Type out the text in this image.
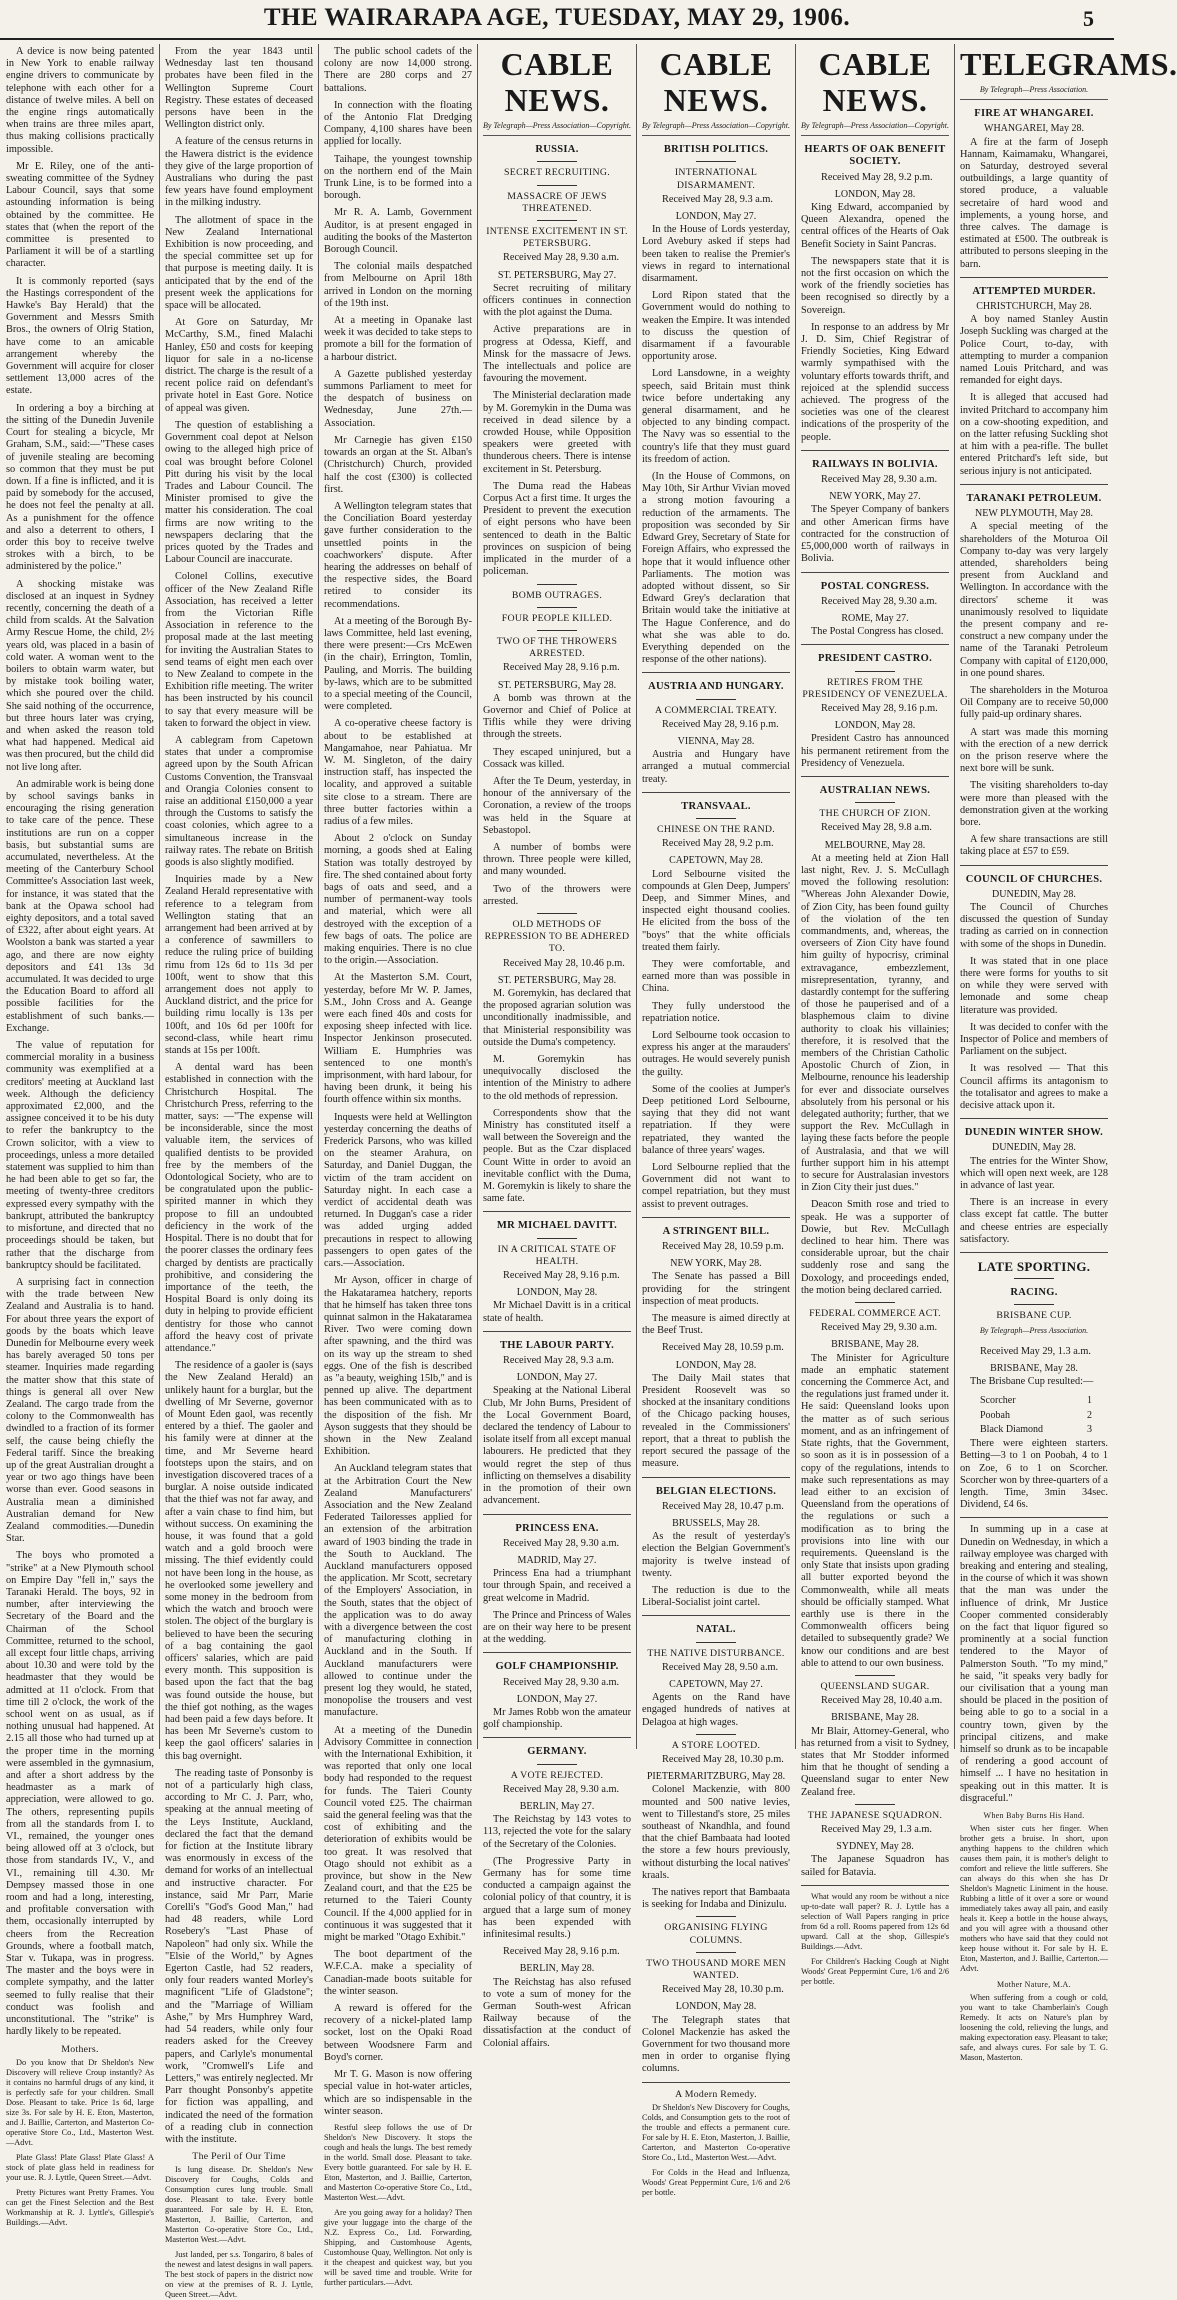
THE WAIRARAPA AGE, TUESDAY, MAY 29, 1906.	5

A device is now being patented in New York to enable railway engine drivers to communicate by telephone with each other for a distance of twelve miles. A bell on the engine rings automatically when trains are three miles apart, thus making collisions practically impossible.

Mr E. Riley, one of the anti-sweating committee of the Sydney Labour Council, says that some astounding information is being obtained by the committee. He states that (when the report of the committee is presented to Parliament it will be of a startling character.

It is commonly reported (says the Hastings correspondent of the Hawke's Bay Herald) that the Government and Messrs Smith Bros., the owners of Olrig Station, have come to an amicable arrangement whereby the Government will acquire for closer settlement 13,000 acres of the estate.

In ordering a boy a birching at the sitting of the Dunedin Juvenile Court for stealing a bicycle, Mr Graham, S.M., said:—"These cases of juvenile stealing are becoming so common that they must be put down. If a fine is inflicted, and it is paid by somebody for the accused, he does not feel the penalty at all. As a punishment for the offence and also a deterrent to others, I order this boy to receive twelve strokes with a birch, to be administered by the police."

A shocking mistake was disclosed at an inquest in Sydney recently, concerning the death of a child from scalds. At the Salvation Army Rescue Home, the child, 2½ years old, was placed in a basin of cold water. A woman went to the boilers to obtain warm water, but by mistake took boiling water, which she poured over the child. She said nothing of the occurrence, but three hours later was crying, and when asked the reason told what had happened. Medical aid was then procured, but the child did not live long after.

An admirable work is being done by school savings banks in encouraging the rising generation to take care of the pence. These institutions are run on a copper basis, but substantial sums are accumulated, nevertheless. At the meeting of the Canterbury School Committee's Association last week, for instance, it was stated that the bank at the Opawa school had eighty depositors, and a total saved of £322, after about eight years. At Woolston a bank was started a year ago, and there are now eighty depositors and £41 13s 3d accumulated. It was decided to urge the Education Board to afford all possible facilities for the establishment of such banks.—Exchange.

The value of reputation for commercial morality in a business community was exemplified at a creditors' meeting at Auckland last week. Although the deficiency approximated £2,000, and the assignee conceived it to be his duty to refer the bankruptcy to the Crown solicitor, with a view to proceedings, unless a more detailed statement was supplied to him than he had been able to get so far, the meeting of twenty-three creditors expressed every sympathy with the bankrupt, attributed the bankruptcy to misfortune, and directed that no proceedings should be taken, but rather that the discharge from bankruptcy should be facilitated.

A surprising fact in connection with the trade between New Zealand and Australia is to hand. For about three years the export of goods by the boats which leave Dunedin for Melbourne every week has barely averaged 50 tons per steamer. Inquiries made regarding the matter show that this state of things is general all over New Zealand. The cargo trade from the colony to the Commonwealth has dwindled to a fraction of its former self, the cause being chiefly the Federal tariff. Since the breaking up of the great Australian drought a year or two ago things have been worse than ever. Good seasons in Australia mean a diminished Australian demand for New Zealand commodities.—Dunedin Star.

The boys who promoted a "strike" at a New Plymouth school on Empire Day "fell in," says the Taranaki Herald. The boys, 92 in number, after interviewing the Secretary of the Board and the Chairman of the School Committee, returned to the school, all except four little chaps, arriving about 10.30 and were told by the headmaster that they would be admitted at 11 o'clock. From that time till 2 o'clock, the work of the school went on as usual, as if nothing unusual had happened. At 2.15 all those who had turned up at the proper time in the morning were assembled in the gymnasium, and after a short address by the headmaster as a mark of appreciation, were allowed to go. The others, representing pupils from all the standards from I. to VI., remained, the younger ones being allowed off at 3 o'clock, but those from standards IV., V., and VI., remaining till 4.30. Mr Dempsey massed those in one room and had a long, interesting, and profitable conversation with them, occasionally interrupted by cheers from the Recreation Grounds, where a football match, Star v. Tukapa, was in progress. The master and the boys were in complete sympathy, and the latter seemed to fully realise that their conduct was foolish and unconstitutional. The "strike" is hardly likely to be repeated.

Mothers.

Do you know that Dr Sheldon's New Discovery will relieve Croup instantly? As it contains no harmful drugs of any kind, it is perfectly safe for your children. Small Dose. Pleasant to take. Price 1s 6d, large size 3s. For sale by H. E. Eton, Masterton, and J. Baillie, Carterton, and Masterton Co-operative Store Co., Ltd., Masterton West.—Advt.

Plate Glass! Plate Glass! Plate Glass! A stock of plate glass held in readiness for your use. R. J. Lyttle, Queen Street.—Advt.

Pretty Pictures want Pretty Frames. You can get the Finest Selection and the Best Workmanship at R. J. Lyttle's, Gillespie's Buildings.—Advt.

From the year 1843 until Wednesday last ten thousand probates have been filed in the Wellington Supreme Court Registry. These estates of deceased persons have been in the Wellington district only.

A feature of the census returns in the Hawera district is the evidence they give of the large proportion of Australians who during the past few years have found employment in the milking industry.

The allotment of space in the New Zealand International Exhibition is now proceeding, and the special committee set up for that purpose is meeting daily. It is anticipated that by the end of the present week the applications for space will be allocated.

At Gore on Saturday, Mr McCarthy, S.M., fined Malachi Hanley, £50 and costs for keeping liquor for sale in a no-license district. The charge is the result of a recent police raid on defendant's private hotel in East Gore. Notice of appeal was given.

The question of establishing a Government coal depot at Nelson owing to the alleged high price of coal was brought before Colonel Pitt during his visit by the local Trades and Labour Council. The Minister promised to give the matter his consideration. The coal firms are now writing to the newspapers declaring that the prices quoted by the Trades and Labour Council are inaccurate.

Colonel Collins, executive officer of the New Zealand Rifle Association, has received a letter from the Victorian Rifle Association in reference to the proposal made at the last meeting for inviting the Australian States to send teams of eight men each over to New Zealand to compete in the Exhibition rifle meeting. The writer has been instructed by his council to say that every measure will be taken to forward the object in view.

A cablegram from Capetown states that under a compromise agreed upon by the South African Customs Convention, the Transvaal and Orangia Colonies consent to raise an additional £150,000 a year through the Customs to satisfy the coast colonies, which agree to a simultaneous increase in the railway rates. The rebate on British goods is also slightly modified.

Inquiries made by a New Zealand Herald representative with reference to a telegram from Wellington stating that an arrangement had been arrived at by a conference of sawmillers to reduce the ruling price of building rimu from 12s 6d to 11s 3d per 100ft, went to show that this arrangement does not apply to Auckland district, and the price for building rimu locally is 13s per 100ft, and 10s 6d per 100ft for second-class, while heart rimu stands at 15s per 100ft.

A dental ward has been established in connection with the Christchurch Hospital. The Christchurch Press, referring to the matter, says: —"The expense will be inconsiderable, since the most valuable item, the services of qualified dentists to be provided free by the members of the Odontological Society, who are to be congratulated upon the public-spirited manner in which they propose to fill an undoubted deficiency in the work of the Hospital. There is no doubt that for the poorer classes the ordinary fees charged by dentists are practically prohibitive, and considering the importance of the teeth, the Hospital Board is only doing its duty in helping to provide efficient dentistry for those who cannot afford the heavy cost of private attendance."

The residence of a gaoler is (says the New Zealand Herald) an unlikely haunt for a burglar, but the dwelling of Mr Severne, governor of Mount Eden gaol, was recently entered by a thief. The gaoler and his family were at dinner at the time, and Mr Severne heard footsteps upon the stairs, and on investigation discovered traces of a burglar. A noise outside indicated that the thief was not far away, and after a vain chase to find him, but without success. On examining the house, it was found that a gold watch and a gold brooch were missing. The thief evidently could not have been long in the house, as he overlooked some jewellery and some money in the bedroom from which the watch and brooch were stolen. The object of the burglary is believed to have been the securing of a bag containing the gaol officers' salaries, which are paid every month. This supposition is based upon the fact that the bag was found outside the house, but the thief got nothing, as the wages had been paid a few days before. It has been Mr Severne's custom to keep the gaol officers' salaries in this bag overnight.

The reading taste of Ponsonby is not of a particularly high class, according to Mr C. J. Parr, who, speaking at the annual meeting of the Leys Institute, Auckland, declared the fact that the demand for fiction at the Institute library was enormously in excess of the demand for works of an intellectual and instructive character. For instance, said Mr Parr, Marie Corelli's "God's Good Man," had had 48 readers, while Lord Rosebery's "Last Phase of Napoleon" had only six. While the "Elsie of the World," by Agnes Egerton Castle, had 52 readers, only four readers wanted Morley's magnificent "Life of Gladstone"; and the "Marriage of William Ashe," by Mrs Humphrey Ward, had 54 readers, while only four readers asked for the Creevey papers, and Carlyle's monumental work, "Cromwell's Life and Letters," was entirely neglected. Mr Parr thought Ponsonby's appetite for fiction was appalling, and indicated the need of the formation of a reading club in connection with the institute.

The Peril of Our Time

Is lung disease. Dr. Sheldon's New Discovery for Coughs, Colds and Consumption cures lung trouble. Small dose. Pleasant to take. Every bottle guaranteed. For sale by H. E. Eton, Masterton, J. Baillie, Carterton, and Masterton Co-operative Store Co., Ltd., Masterton West.—Advt.

Just landed, per s.s. Tongariro, 8 bales of the newest and latest designs in wall papers. The best stock of papers in the district now on view at the premises of R. J. Lyttle, Queen Street.—Advt.

The public school cadets of the colony are now 14,000 strong. There are 280 corps and 27 battalions.

In connection with the floating of the Antonio Flat Dredging Company, 4,100 shares have been applied for locally.

Taihape, the youngest township on the northern end of the Main Trunk Line, is to be formed into a borough.

Mr R. A. Lamb, Government Auditor, is at present engaged in auditing the books of the Masterton Borough Council.

The colonial mails despatched from Melbourne on April 18th arrived in London on the morning of the 19th inst.

At a meeting in Opanake last week it was decided to take steps to promote a bill for the formation of a harbour district.

A Gazette published yesterday summons Parliament to meet for the despatch of business on Wednesday, June 27th.—Association.

Mr Carnegie has given £150 towards an organ at the St. Alban's (Christchurch) Church, provided half the cost (£300) is collected first.

A Wellington telegram states that the Conciliation Board yesterday gave further consideration to the unsettled points in the coachworkers' dispute. After hearing the addresses on behalf of the respective sides, the Board retired to consider its recommendations.

At a meeting of the Borough By-laws Committee, held last evening, there were present:—Crs McEwen (in the chair), Errington, Tomlin, Pauling, and Morris. The building by-laws, which are to be submitted to a special meeting of the Council, were completed.

A co-operative cheese factory is about to be established at Mangamahoe, near Pahiatua. Mr W. M. Singleton, of the dairy instruction staff, has inspected the locality, and approved a suitable site close to a stream. There are three butter factories within a radius of a few miles.

About 2 o'clock on Sunday morning, a goods shed at Ealing Station was totally destroyed by fire. The shed contained about forty bags of oats and seed, and a number of permanent-way tools and material, which were all destroyed with the exception of a few bags of oats. The police are making enquiries. There is no clue to the origin.—Association.

At the Masterton S.M. Court, yesterday, before Mr W. P. James, S.M., John Cross and A. Geange were each fined 40s and costs for exposing sheep infected with lice. Inspector Jenkinson prosecuted. William E. Humphries was sentenced to one month's imprisonment, with hard labour, for having been drunk, it being his fourth offence within six months.

Inquests were held at Wellington yesterday concerning the deaths of Frederick Parsons, who was killed on the steamer Arahura, on Saturday, and Daniel Duggan, the victim of the tram accident on Saturday night. In each case a verdict of accidental death was returned. In Duggan's case a rider was added urging added precautions in respect to allowing passengers to open gates of the cars.—Association.

Mr Ayson, officer in charge of the Hakataramea hatchery, reports that he himself has taken three tons quinnat salmon in the Hakataramea River. Two were coming down after spawning, and the third was on its way up the stream to shed eggs. One of the fish is described as "a beauty, weighing 15lb," and is penned up alive. The department has been communicated with as to the disposition of the fish. Mr Ayson suggests that they should be shown in the New Zealand Exhibition.

An Auckland telegram states that at the Arbitration Court the New Zealand Manufacturers' Association and the New Zealand Federated Tailoresses applied for an extension of the arbitration award of 1903 binding the trade in the South to Auckland. The Auckland manufacturers opposed the application. Mr Scott, secretary of the Employers' Association, in the South, states that the object of the application was to do away with a divergence between the cost of manufacturing clothing in Auckland and in the South. If Auckland manufacturers were allowed to continue under the present log they would, he stated, monopolise the trousers and vest manufacture.

At a meeting of the Dunedin Advisory Committee in connection with the International Exhibition, it was reported that only one local body had responded to the request for funds. The Taieri County Council voted £25. The chairman said the general feeling was that the cost of exhibiting and the deterioration of exhibits would be too great. It was resolved that Otago should not exhibit as a province, but show in the New Zealand court, and that the £25 be returned to the Taieri County Council. If the 4,000 applied for in continuous it was suggested that it might be marked "Otago Exhibit."

The boot department of the W.F.C.A. make a speciality of Canadian-made boots suitable for the winter season.

A reward is offered for the recovery of a nickel-plated lamp socket, lost on the Opaki Road between Woodsnere Farm and Boyd's corner.

Mr T. G. Mason is now offering special value in hot-water articles, which are so indispensable in the winter season.

Restful sleep follows the use of Dr Sheldon's New Discovery. It stops the cough and heals the lungs. The best remedy in the world. Small dose. Pleasant to take. Every bottle guaranteed. For sale by H. E. Eton, Masterton, and J. Baillie, Carterton, and Masterton Co-operative Store Co., Ltd., Masterton West.—Advt.

Are you going away for a holiday? Then give your luggage into the charge of the N.Z. Express Co., Ltd. Forwarding, Shipping, and Customhouse Agents, Customhouse Quay, Wellington. Not only is it the cheapest and quickest way, but you will be saved time and trouble. Write for further particulars.—Advt.

CABLE NEWS.
By Telegraph—Press Association—Copyright.
RUSSIA.
SECRET RECRUITING.
MASSACRE OF JEWS THREATENED.
INTENSE EXCITEMENT IN ST. PETERSBURG.

Received May 28, 9.30 a.m.

ST. PETERSBURG, May 27.

Secret recruiting of military officers continues in connection with the plot against the Duma.

Active preparations are in progress at Odessa, Kieff, and Minsk for the massacre of Jews. The intellectuals and police are favouring the movement.

The Ministerial declaration made by M. Goremykin in the Duma was received in dead silence by a crowded House, while Opposition speakers were greeted with thunderous cheers. There is intense excitement in St. Petersburg.

The Duma read the Habeas Corpus Act a first time. It urges the President to prevent the execution of eight persons who have been sentenced to death in the Baltic provinces on suspicion of being implicated in the murder of a policeman.

BOMB OUTRAGES.
FOUR PEOPLE KILLED.
TWO OF THE THROWERS ARRESTED.

Received May 28, 9.16 p.m.

ST. PETERSBURG, May 28.

A bomb was thrown at the Governor and Chief of Police at Tiflis while they were driving through the streets.

They escaped uninjured, but a Cossack was killed.

After the Te Deum, yesterday, in honour of the anniversary of the Coronation, a review of the troops was held in the Square at Sebastopol.

A number of bombs were thrown. Three people were killed, and many wounded.

Two of the throwers were arrested.

OLD METHODS OF REPRESSION TO BE ADHERED TO.

Received May 28, 10.46 p.m.

ST. PETERSBURG, May 28.

M. Goremykin, has declared that the proposed agrarian solution was unconditionally inadmissible, and that Ministerial responsibility was outside the Duma's competency.

M. Goremykin has unequivocally disclosed the intention of the Ministry to adhere to the old methods of repression.

Correspondents show that the Ministry has constituted itself a wall between the Sovereign and the people. But as the Czar displaced Count Witte in order to avoid an inevitable conflict with the Duma, M. Goremykin is likely to share the same fate.

MR MICHAEL DAVITT.
IN A CRITICAL STATE OF HEALTH.

Received May 28, 9.16 p.m.

LONDON, May 28.

Mr Michael Davitt is in a critical state of health.

THE LABOUR PARTY.

Received May 28, 9.3 a.m.

LONDON, May 27.

Speaking at the National Liberal Club, Mr John Burns, President of the Local Government Board, declared the tendency of Labour to isolate itself from all except manual labourers. He predicted that they would regret the step of thus inflicting on themselves a disability in the promotion of their own advancement.

PRINCESS ENA.

Received May 28, 9.30 a.m.

MADRID, May 27.

Princess Ena had a triumphant tour through Spain, and received a great welcome in Madrid.

The Prince and Princess of Wales are on their way here to be present at the wedding.

GOLF CHAMPIONSHIP.

Received May 28, 9.30 a.m.

LONDON, May 27.

Mr James Robb won the amateur golf championship.

GERMANY.
A VOTE REJECTED.

Received May 28, 9.30 a.m.

BERLIN, May 27.

The Reichstag by 143 votes to 113, rejected the vote for the salary of the Secretary of the Colonies.

(The Progressive Party in Germany has for some time conducted a campaign against the colonial policy of that country, it is argued that a large sum of money has been expended with infinitesimal results.)

Received May 28, 9.16 p.m.

BERLIN, May 28.

The Reichstag has also refused to vote a sum of money for the German South-west African Railway because of the dissatisfaction at the conduct of Colonial affairs.

CABLE NEWS.
By Telegraph—Press Association—Copyright.
BRITISH POLITICS.
INTERNATIONAL DISARMAMENT.

Received May 28, 9.3 a.m.

LONDON, May 27.

In the House of Lords yesterday, Lord Avebury asked if steps had been taken to realise the Premier's views in regard to international disarmament.

Lord Ripon stated that the Government would do nothing to weaken the Empire. It was intended to discuss the question of disarmament if a favourable opportunity arose.

Lord Lansdowne, in a weighty speech, said Britain must think twice before undertaking any general disarmament, and he objected to any binding compact. The Navy was so essential to the country's life that they must guard its freedom of action.

(In the House of Commons, on May 10th, Sir Arthur Vivian moved a strong motion favouring a reduction of the armaments. The proposition was seconded by Sir Edward Grey, Secretary of State for Foreign Affairs, who expressed the hope that it would influence other Parliaments. The motion was adopted without dissent, so Sir Edward Grey's declaration that Britain would take the initiative at The Hague Conference, and do what she was able to do. Everything depended on the response of the other nations).

AUSTRIA AND HUNGARY.
A COMMERCIAL TREATY.

Received May 28, 9.16 p.m.

VIENNA, May 28.

Austria and Hungary have arranged a mutual commercial treaty.

TRANSVAAL.
CHINESE ON THE RAND.

Received May 28, 9.2 p.m.

CAPETOWN, May 28.

Lord Selbourne visited the compounds at Glen Deep, Jumpers' Deep, and Simmer Mines, and inspected eight thousand coolies. He elicited from the boss of the "boys" that the white officials treated them fairly.

They were comfortable, and earned more than was possible in China.

They fully understood the repatriation notice.

Lord Selbourne took occasion to express his anger at the marauders' outrages. He would severely punish the guilty.

Some of the coolies at Jumper's Deep petitioned Lord Selbourne, saying that they did not want repatriation. If they were repatriated, they wanted the balance of three years' wages.

Lord Selbourne replied that the Government did not want to compel repatriation, but they must assist to prevent outrages.

A STRINGENT BILL.

Received May 28, 10.59 p.m.

NEW YORK, May 28.

The Senate has passed a Bill providing for the stringent inspection of meat products.

The measure is aimed directly at the Beef Trust.

Received May 28, 10.59 p.m.

LONDON, May 28.

The Daily Mail states that President Roosevelt was so shocked at the insanitary conditions of the Chicago packing houses, revealed in the Commissioners' report, that a threat to publish the report secured the passage of the measure.

BELGIAN ELECTIONS.

Received May 28, 10.47 p.m.

BRUSSELS, May 28.

As the result of yesterday's election the Belgian Government's majority is twelve instead of twenty.

The reduction is due to the Liberal-Socialist joint cartel.

NATAL.
THE NATIVE DISTURBANCE.

Received May 28, 9.50 a.m.

CAPETOWN, May 27.

Agents on the Rand have engaged hundreds of natives at Delagoa at high wages.

A STORE LOOTED.

Received May 28, 10.30 p.m.

PIETERMARITZBURG, May 28.

Colonel Mackenzie, with 800 mounted and 500 native levies, went to Tillestand's store, 25 miles southeast of Nkandhla, and found that the chief Bambaata had looted the store a few hours previously, without disturbing the local natives' kraals.

The natives report that Bambaata is seeking for Indaba and Dinizulu.

ORGANISING FLYING COLUMNS.
TWO THOUSAND MORE MEN WANTED.

Received May 28, 10.30 p.m.

LONDON, May 28.

The Telegraph states that Colonel Mackenzie has asked the Government for two thousand more men in order to organise flying columns.

A Modern Remedy.

Dr Sheldon's New Discovery for Coughs, Colds, and Consumption gets to the root of the trouble and effects a permanent cure. For sale by H. E. Eton, Masterton, J. Baillie, Carterton, and Masterton Co-operative Store Co., Ltd., Masterton West.—Advt.

For Colds in the Head and Influenza, Woods' Great Peppermint Cure, 1/6 and 2/6 per bottle.

CABLE NEWS.
By Telegraph—Press Association—Copyright.
HEARTS OF OAK BENEFIT SOCIETY.

Received May 28, 9.2 p.m.

LONDON, May 28.

King Edward, accompanied by Queen Alexandra, opened the central offices of the Hearts of Oak Benefit Society in Saint Pancras.

The newspapers state that it is not the first occasion on which the work of the friendly societies has been recognised so directly by a Sovereign.

In response to an address by Mr J. D. Sim, Chief Registrar of Friendly Societies, King Edward warmly sympathised with the voluntary efforts towards thrift, and rejoiced at the splendid success achieved. The progress of the societies was one of the clearest indications of the prosperity of the people.

RAILWAYS IN BOLIVIA.

Received May 28, 9.30 a.m.

NEW YORK, May 27.

The Speyer Company of bankers and other American firms have contracted for the construction of £5,000,000 worth of railways in Bolivia.

POSTAL CONGRESS.

Received May 28, 9.30 a.m.

ROME, May 27.

The Postal Congress has closed.

PRESIDENT CASTRO.
RETIRES FROM THE PRESIDENCY OF VENEZUELA.

Received May 28, 9.16 p.m.

LONDON, May 28.

President Castro has announced his permanent retirement from the Presidency of Venezuela.

AUSTRALIAN NEWS.
THE CHURCH OF ZION.

Received May 28, 9.8 a.m.

MELBOURNE, May 28.

At a meeting held at Zion Hall last night, Rev. J. S. McCullagh moved the following resolution: "Whereas John Alexander Dowie, of Zion City, has been found guilty of the violation of the ten commandments, and, whereas, the overseers of Zion City have found him guilty of hypocrisy, criminal extravagance, embezzlement, misrepresentation, tyranny, and dastardly contempt for the suffering of those he pauperised and of a blasphemous claim to divine authority to cloak his villainies; therefore, it is resolved that the members of the Christian Catholic Apostolic Church of Zion, in Melbourne, renounce his leadership for ever and dissociate ourselves absolutely from his personal or his delegated authority; further, that we support the Rev. McCullagh in laying these facts before the people of Australasia, and that we will further support him in his attempt to secure for Australasian investors in Zion City their just dues."

Deacon Smith rose and tried to speak. He was a supporter of Dowie, but Rev. McCullagh declined to hear him. There was considerable uproar, but the chair suddenly rose and sang the Doxology, and proceedings ended, the motion being declared carried.

FEDERAL COMMERCE ACT.

Received May 29, 9.30 a.m.

BRISBANE, May 28.

The Minister for Agriculture made an emphatic statement concerning the Commerce Act, and the regulations just framed under it. He said: Queensland looks upon the matter as of such serious moment, and as an infringement of State rights, that the Government, so soon as it is in possession of a copy of the regulations, intends to make such representations as may lead either to an excision of Queensland from the operations of the regulations or such a modification as to bring the provisions into line with our requirements. Queensland is the only State that insists upon grading all butter exported beyond the Commonwealth, while all meats should be officially stamped. What earthly use is there in the Commonwealth officers being detailed to subsequently grade? We know our conditions and are best able to attend to our own business.

QUEENSLAND SUGAR.

Received May 28, 10.40 a.m.

BRISBANE, May 28.

Mr Blair, Attorney-General, who has returned from a visit to Sydney, states that Mr Stodder informed him that he thought of sending a Queensland sugar to enter New Zealand free.

THE JAPANESE SQUADRON.

Received May 29, 1.3 a.m.

SYDNEY, May 28.

The Japanese Squadron has sailed for Batavia.

What would any room be without a nice up-to-date wall paper? R. J. Lyttle has a selection of Wall Papers ranging in price from 6d a roll. Rooms papered from 12s 6d upward. Call at the shop, Gillespie's Buildings.—Advt.

For Children's Hacking Cough at Night Woods' Great Peppermint Cure, 1/6 and 2/6 per bottle.

TELEGRAMS.
By Telegraph—Press Association.
FIRE AT WHANGAREI.
WHANGAREI, May 28.

A fire at the farm of Joseph Hannam, Kaimamaku, Whangarei, on Saturday, destroyed several outbuildings, a large quantity of stored produce, a valuable secretaire of hard wood and implements, a young horse, and three calves. The damage is estimated at £500. The outbreak is attributed to persons sleeping in the barn.

ATTEMPTED MURDER.
CHRISTCHURCH, May 28.

A boy named Stanley Austin Joseph Suckling was charged at the Police Court, to-day, with attempting to murder a companion named Louis Pritchard, and was remanded for eight days.

It is alleged that accused had invited Pritchard to accompany him on a cow-shooting expedition, and on the latter refusing Suckling shot at him with a pea-rifle. The bullet entered Pritchard's left side, but serious injury is not anticipated.

TARANAKI PETROLEUM.
NEW PLYMOUTH, May 28.

A special meeting of the shareholders of the Moturoa Oil Company to-day was very largely attended, shareholders being present from Auckland and Wellington. In accordance with the directors' scheme it was unanimously resolved to liquidate the present company and re-construct a new company under the name of the Taranaki Petroleum Company with capital of £120,000, in one pound shares.

The shareholders in the Moturoa Oil Company are to receive 50,000 fully paid-up ordinary shares.

A start was made this morning with the erection of a new derrick on the prison reserve where the next bore will be sunk.

The visiting shareholders to-day were more than pleased with the demonstration given at the working bore.

A few share transactions are still taking place at £57 to £59.

COUNCIL OF CHURCHES.
DUNEDIN, May 28.

The Council of Churches discussed the question of Sunday trading as carried on in connection with some of the shops in Dunedin.

It was stated that in one place there were forms for youths to sit on while they were served with lemonade and some cheap literature was provided.

It was decided to confer with the Inspector of Police and members of Parliament on the subject.

It was resolved — That this Council affirms its antagonism to the totalisator and agrees to make a decisive attack upon it.

DUNEDIN WINTER SHOW.
DUNEDIN, May 28.

The entries for the Winter Show, which will open next week, are 128 in advance of last year.

There is an increase in every class except fat cattle. The butter and cheese entries are especially satisfactory.

LATE SPORTING.
RACING.
BRISBANE CUP.
By Telegraph—Press Association.

Received May 29, 1.3 a.m.

BRISBANE, May 28.

The Brisbane Cup resulted:—

Scorcher	1
Poobah	2
Black Diamond	3

There were eighteen starters. Betting—3 to 1 on Poobah, 4 to 1 on Zoe, 6 to 1 on Scorcher. Scorcher won by three-quarters of a length. Time, 3min 34sec. Dividend, £4 6s.

In summing up in a case at Dunedin on Wednesday, in which a railway employee was charged with breaking and entering and stealing, in the course of which it was shown that the man was under the influence of drink, Mr Justice Cooper commented considerably on the fact that liquor figured so prominently at a social function tendered to the Mayor of Palmerston South. "To my mind," he said, "it speaks very badly for our civilisation that a young man should be placed in the position of being able to go to a social in a country town, given by the principal citizens, and make himself so drunk as to be incapable of rendering a good account of himself ... I have no hesitation in speaking out in this matter. It is disgraceful."

When Baby Burns His Hand.

When sister cuts her finger. When brother gets a bruise. In short, upon anything happens to the children which causes them pain, it is mother's delight to comfort and relieve the little sufferers. She can always do this when she has Dr Sheldon's Magnetic Liniment in the house. Rubbing a little of it over a sore or wound immediately takes away all pain, and easily heals it. Keep a bottle in the house always, and you will agree with a thousand other mothers who have said that they could not keep house without it. For sale by H. E. Eton, Masterton, and J. Baillie, Carterton.—Advt.

Mother Nature, M.A.

When suffering from a cough or cold, you want to take Chamberlain's Cough Remedy. It acts on Nature's plan by loosening the cold, relieving the lungs, and making expectoration easy. Pleasant to take; safe, and always cures. For sale by T. G. Mason, Masterton.
